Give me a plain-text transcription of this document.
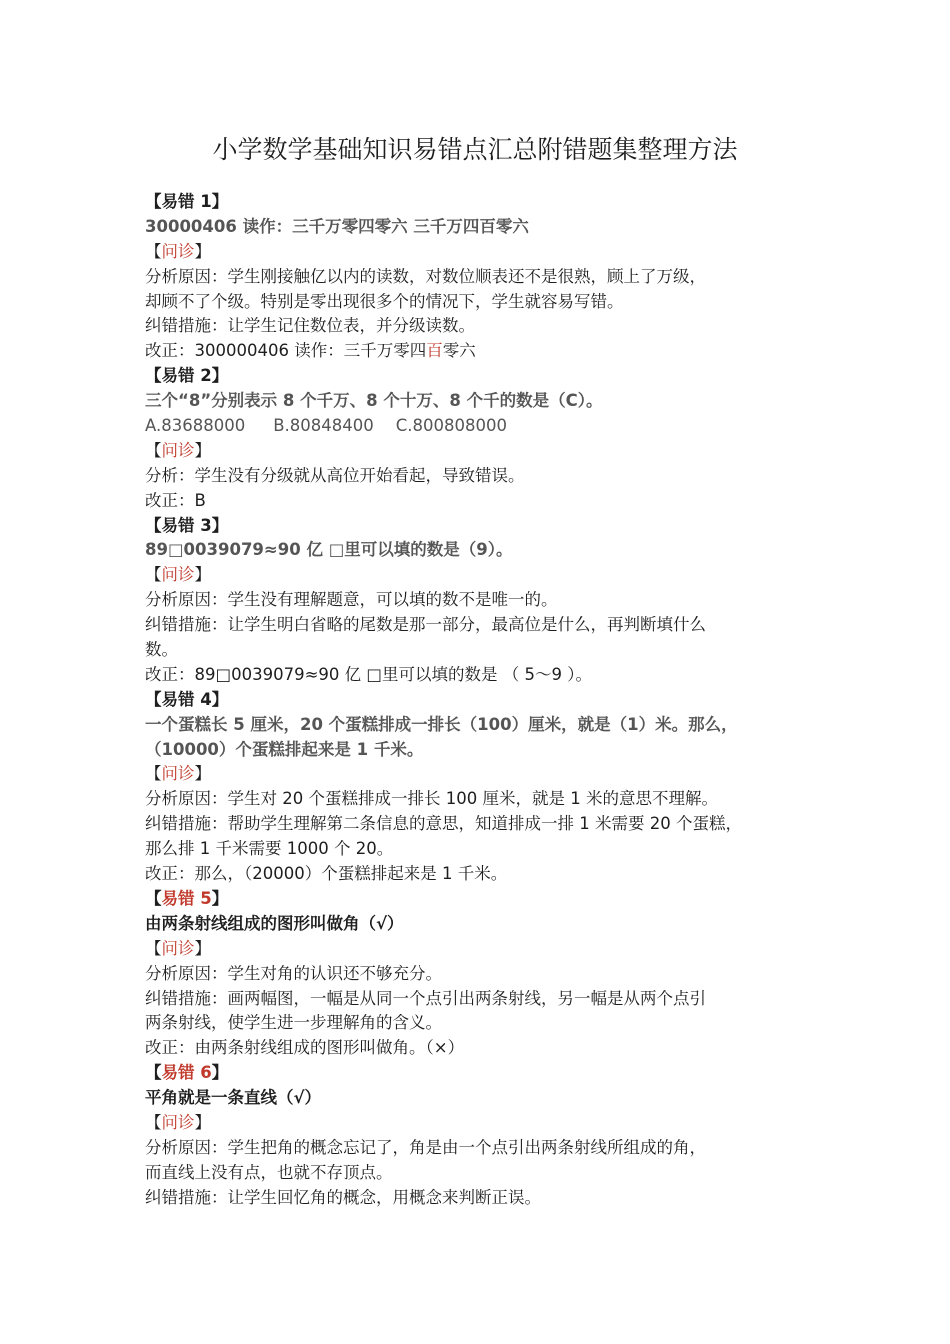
小学数学基础知识易错点汇总附错题集整理方法
【易错 1】
30000406 读作：三千万零四零六 三千万四百零六
【问诊】
分析原因：学生刚接触亿以内的读数，对数位顺表还不是很熟，顾上了万级，
却顾不了个级。特别是零出现很多个的情况下，学生就容易写错。
纠错措施：让学生记住数位表，并分级读数。
改正：300000406 读作：三千万零四百零六
【易错 2】
三个“8”分别表示 8 个千万、8 个十万、8 个千的数是（C）。
A.83688000 B.80848400 C.800808000
【问诊】
分析：学生没有分级就从高位开始看起，导致错误。
改正：B
【易错 3】
89□0039079≈90 亿 □里可以填的数是（9）。
【问诊】
分析原因：学生没有理解题意，可以填的数不是唯一的。
纠错措施：让学生明白省略的尾数是那一部分，最高位是什么，再判断填什么
数。
改正：89□0039079≈90 亿 □里可以填的数是 （ 5～9 ）。
【易错 4】
一个蛋糕长 5 厘米，20 个蛋糕排成一排长（100）厘米，就是（1）米。那么，
（10000）个蛋糕排起来是 1 千米。
【问诊】
分析原因：学生对 20 个蛋糕排成一排长 100 厘米，就是 1 米的意思不理解。
纠错措施：帮助学生理解第二条信息的意思，知道排成一排 1 米需要 20 个蛋糕，
那么排 1 千米需要 1000 个 20。
改正：那么，（20000）个蛋糕排起来是 1 千米。
【易错 5】
由两条射线组成的图形叫做角（√）
【问诊】
分析原因：学生对角的认识还不够充分。
纠错措施：画两幅图，一幅是从同一个点引出两条射线，另一幅是从两个点引
两条射线，使学生进一步理解角的含义。
改正：由两条射线组成的图形叫做角。（×）
【易错 6】
平角就是一条直线（√）
【问诊】
分析原因：学生把角的概念忘记了，角是由一个点引出两条射线所组成的角，
而直线上没有点，也就不存顶点。
纠错措施：让学生回忆角的概念，用概念来判断正误。
